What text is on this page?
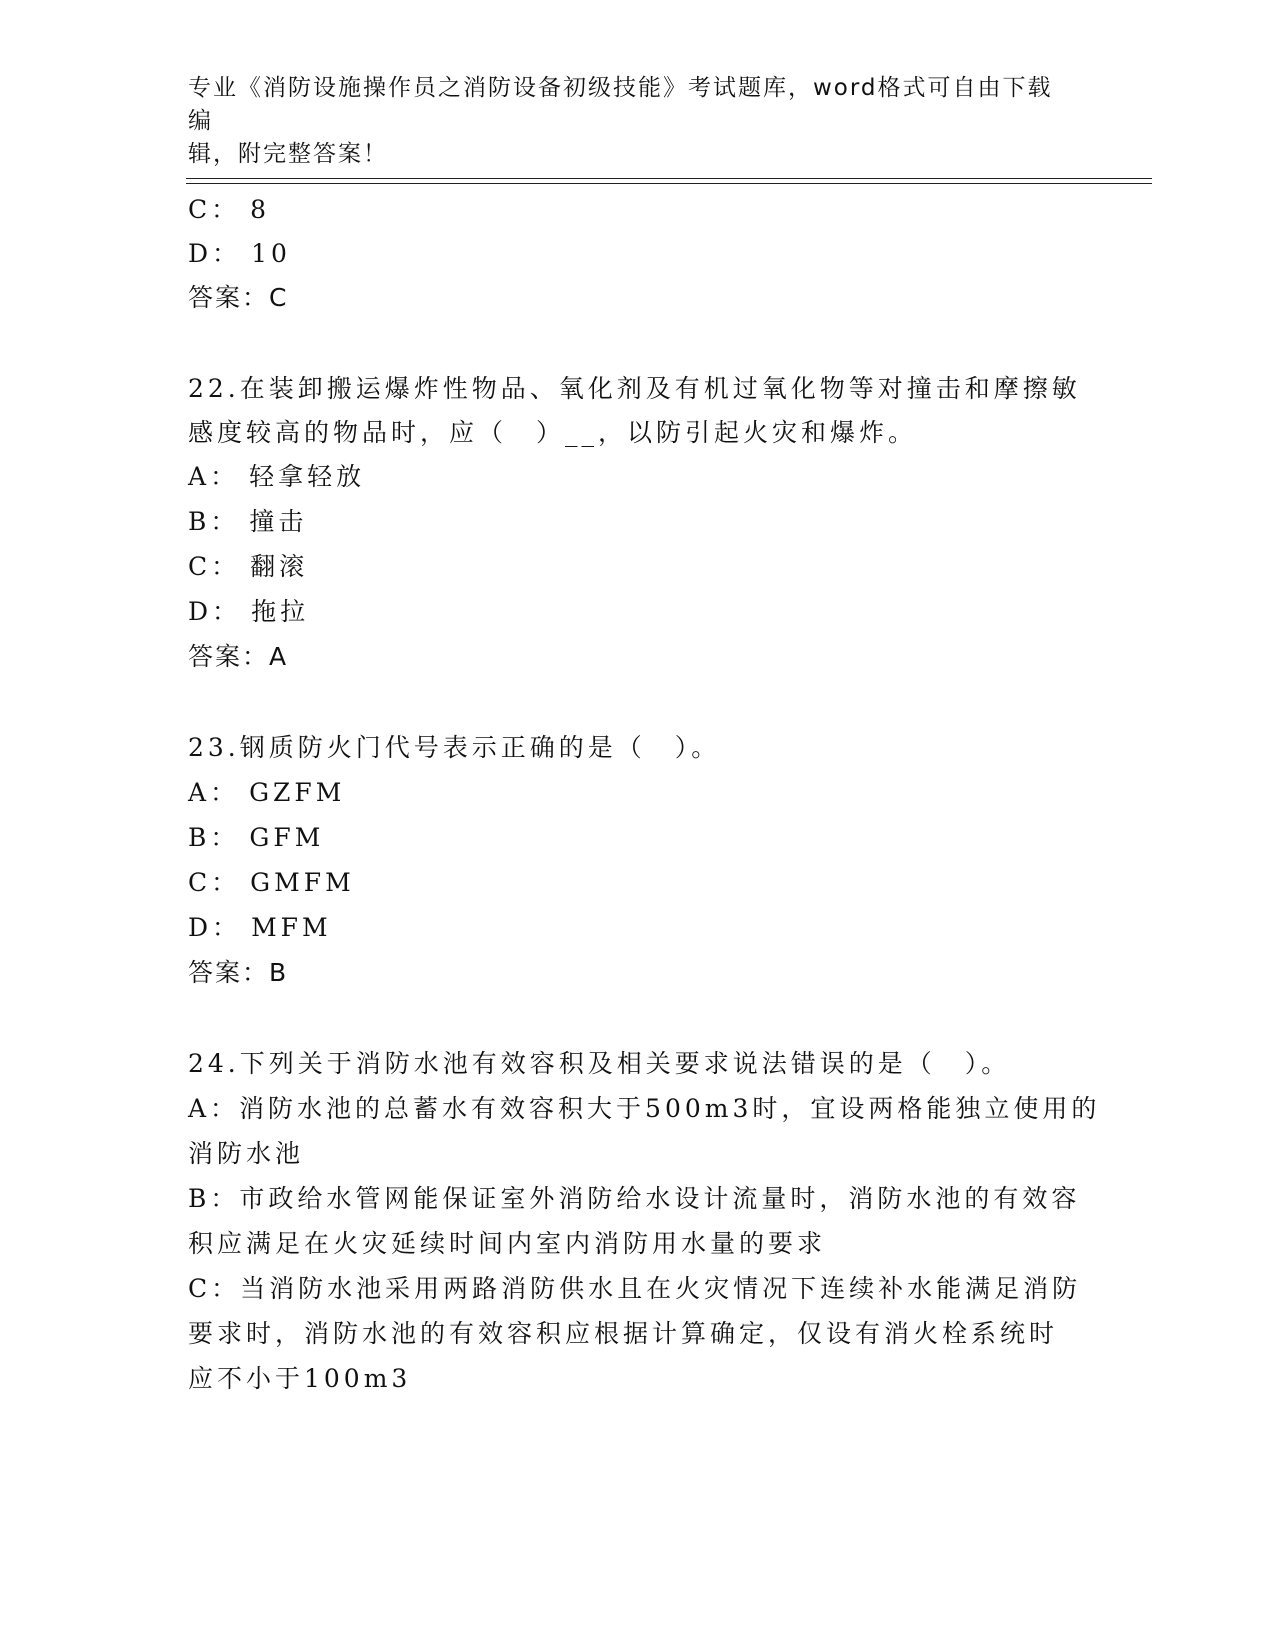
专业《消防设施操作员之消防设备初级技能》考试题库，word格式可自由下载编
辑，附完整答案！
C： 8
D： 10
答案：C
22.在装卸搬运爆炸性物品、氧化剂及有机过氧化物等对撞击和摩擦敏
感度较高的物品时，应（　）__，以防引起火灾和爆炸。
A： 轻拿轻放
B： 撞击
C： 翻滚
D： 拖拉
答案：A
23.钢质防火门代号表示正确的是（　）。
A： GZFM
B： GFM
C： GMFM
D： MFM
答案：B
24.下列关于消防水池有效容积及相关要求说法错误的是（　）。
A：消防水池的总蓄水有效容积大于500m3时，宜设两格能独立使用的
消防水池
B：市政给水管网能保证室外消防给水设计流量时，消防水池的有效容
积应满足在火灾延续时间内室内消防用水量的要求
C：当消防水池采用两路消防供水且在火灾情况下连续补水能满足消防
要求时，消防水池的有效容积应根据计算确定，仅设有消火栓系统时
应不小于100m3
